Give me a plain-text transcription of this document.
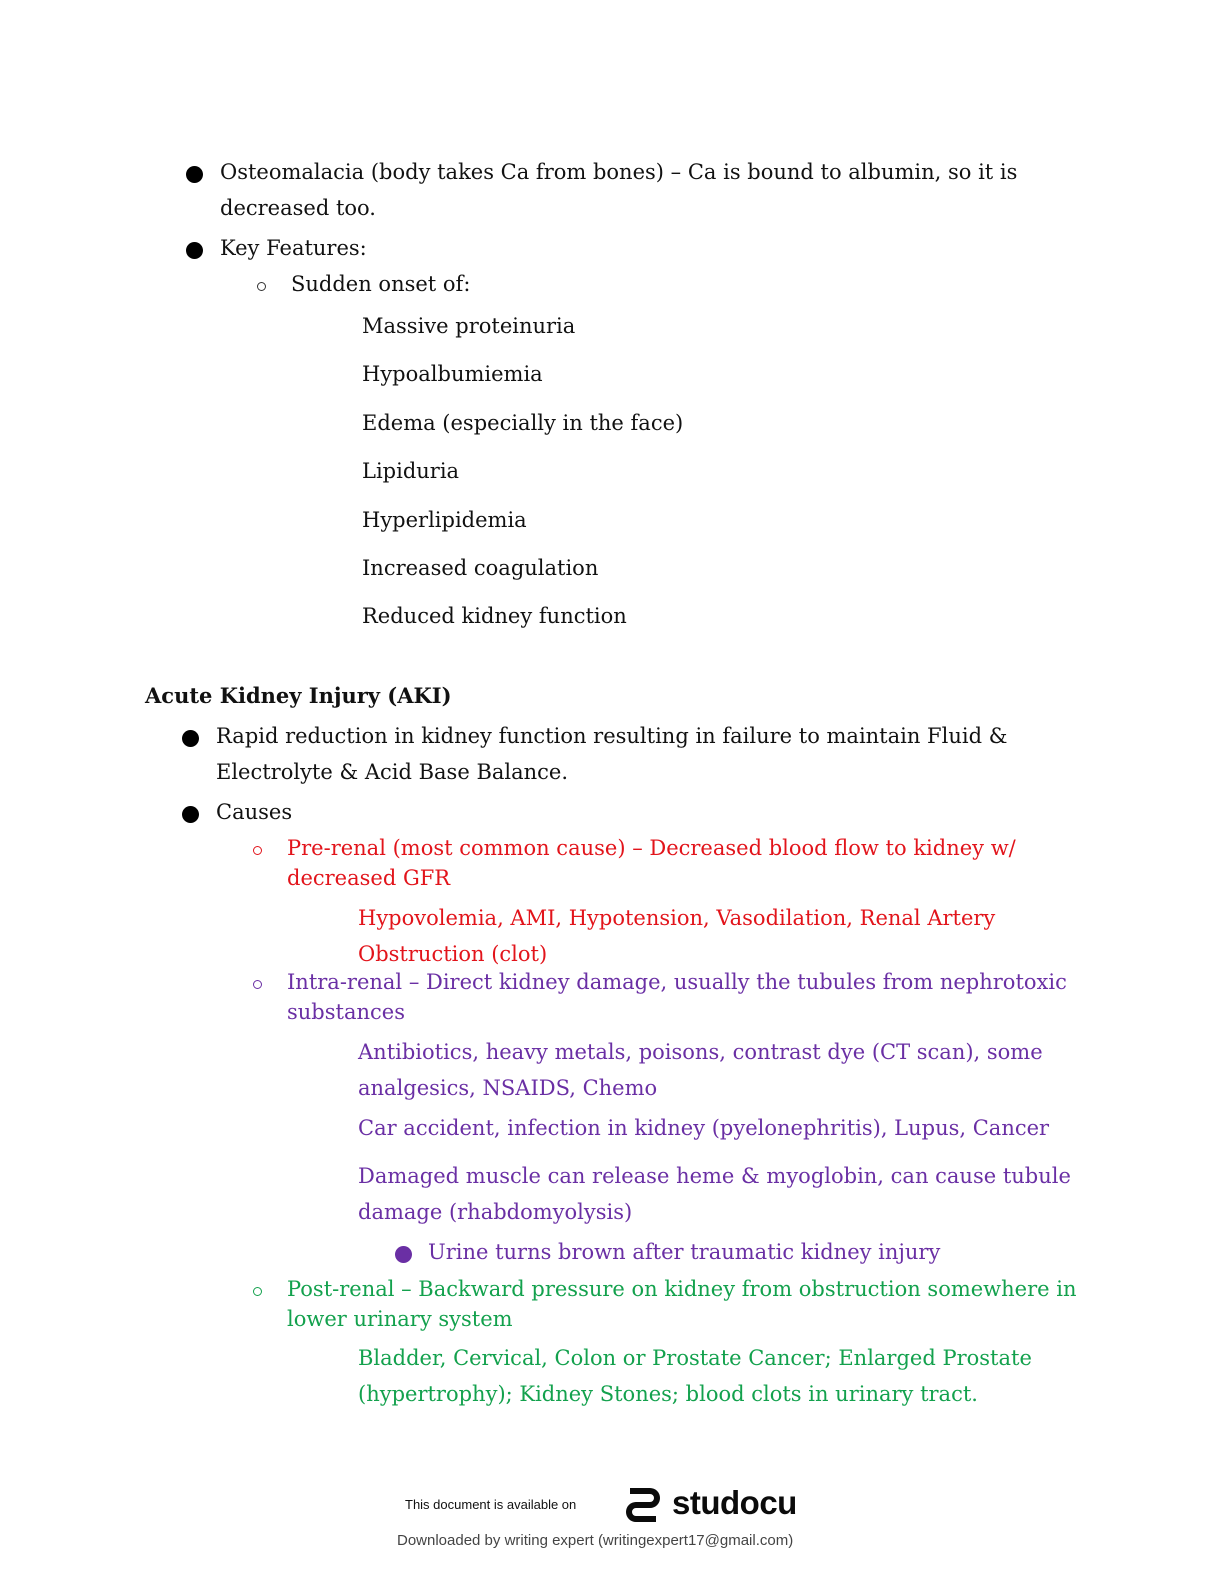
Osteomalacia (body takes Ca from bones) – Ca is bound to albumin, so it is
decreased too.
Key Features:
Sudden onset of:
Massive proteinuria
Hypoalbumiemia
Edema (especially in the face)
Lipiduria
Hyperlipidemia
Increased coagulation
Reduced kidney function
Acute Kidney Injury (AKI)
Rapid reduction in kidney function resulting in failure to maintain Fluid &
Electrolyte & Acid Base Balance.
Causes
Pre-renal (most common cause) – Decreased blood flow to kidney w/
decreased GFR
Hypovolemia, AMI, Hypotension, Vasodilation, Renal Artery
Obstruction (clot)
Intra-renal – Direct kidney damage, usually the tubules from nephrotoxic
substances
Antibiotics, heavy metals, poisons, contrast dye (CT scan), some
analgesics, NSAIDS, Chemo
Car accident, infection in kidney (pyelonephritis), Lupus, Cancer
Damaged muscle can release heme & myoglobin, can cause tubule
damage (rhabdomyolysis)
Urine turns brown after traumatic kidney injury
Post-renal – Backward pressure on kidney from obstruction somewhere in
lower urinary system
Bladder, Cervical, Colon or Prostate Cancer; Enlarged Prostate
(hypertrophy); Kidney Stones; blood clots in urinary tract.
This document is available on	studocu
Downloaded by writing expert (writingexpert17@gmail.com)
